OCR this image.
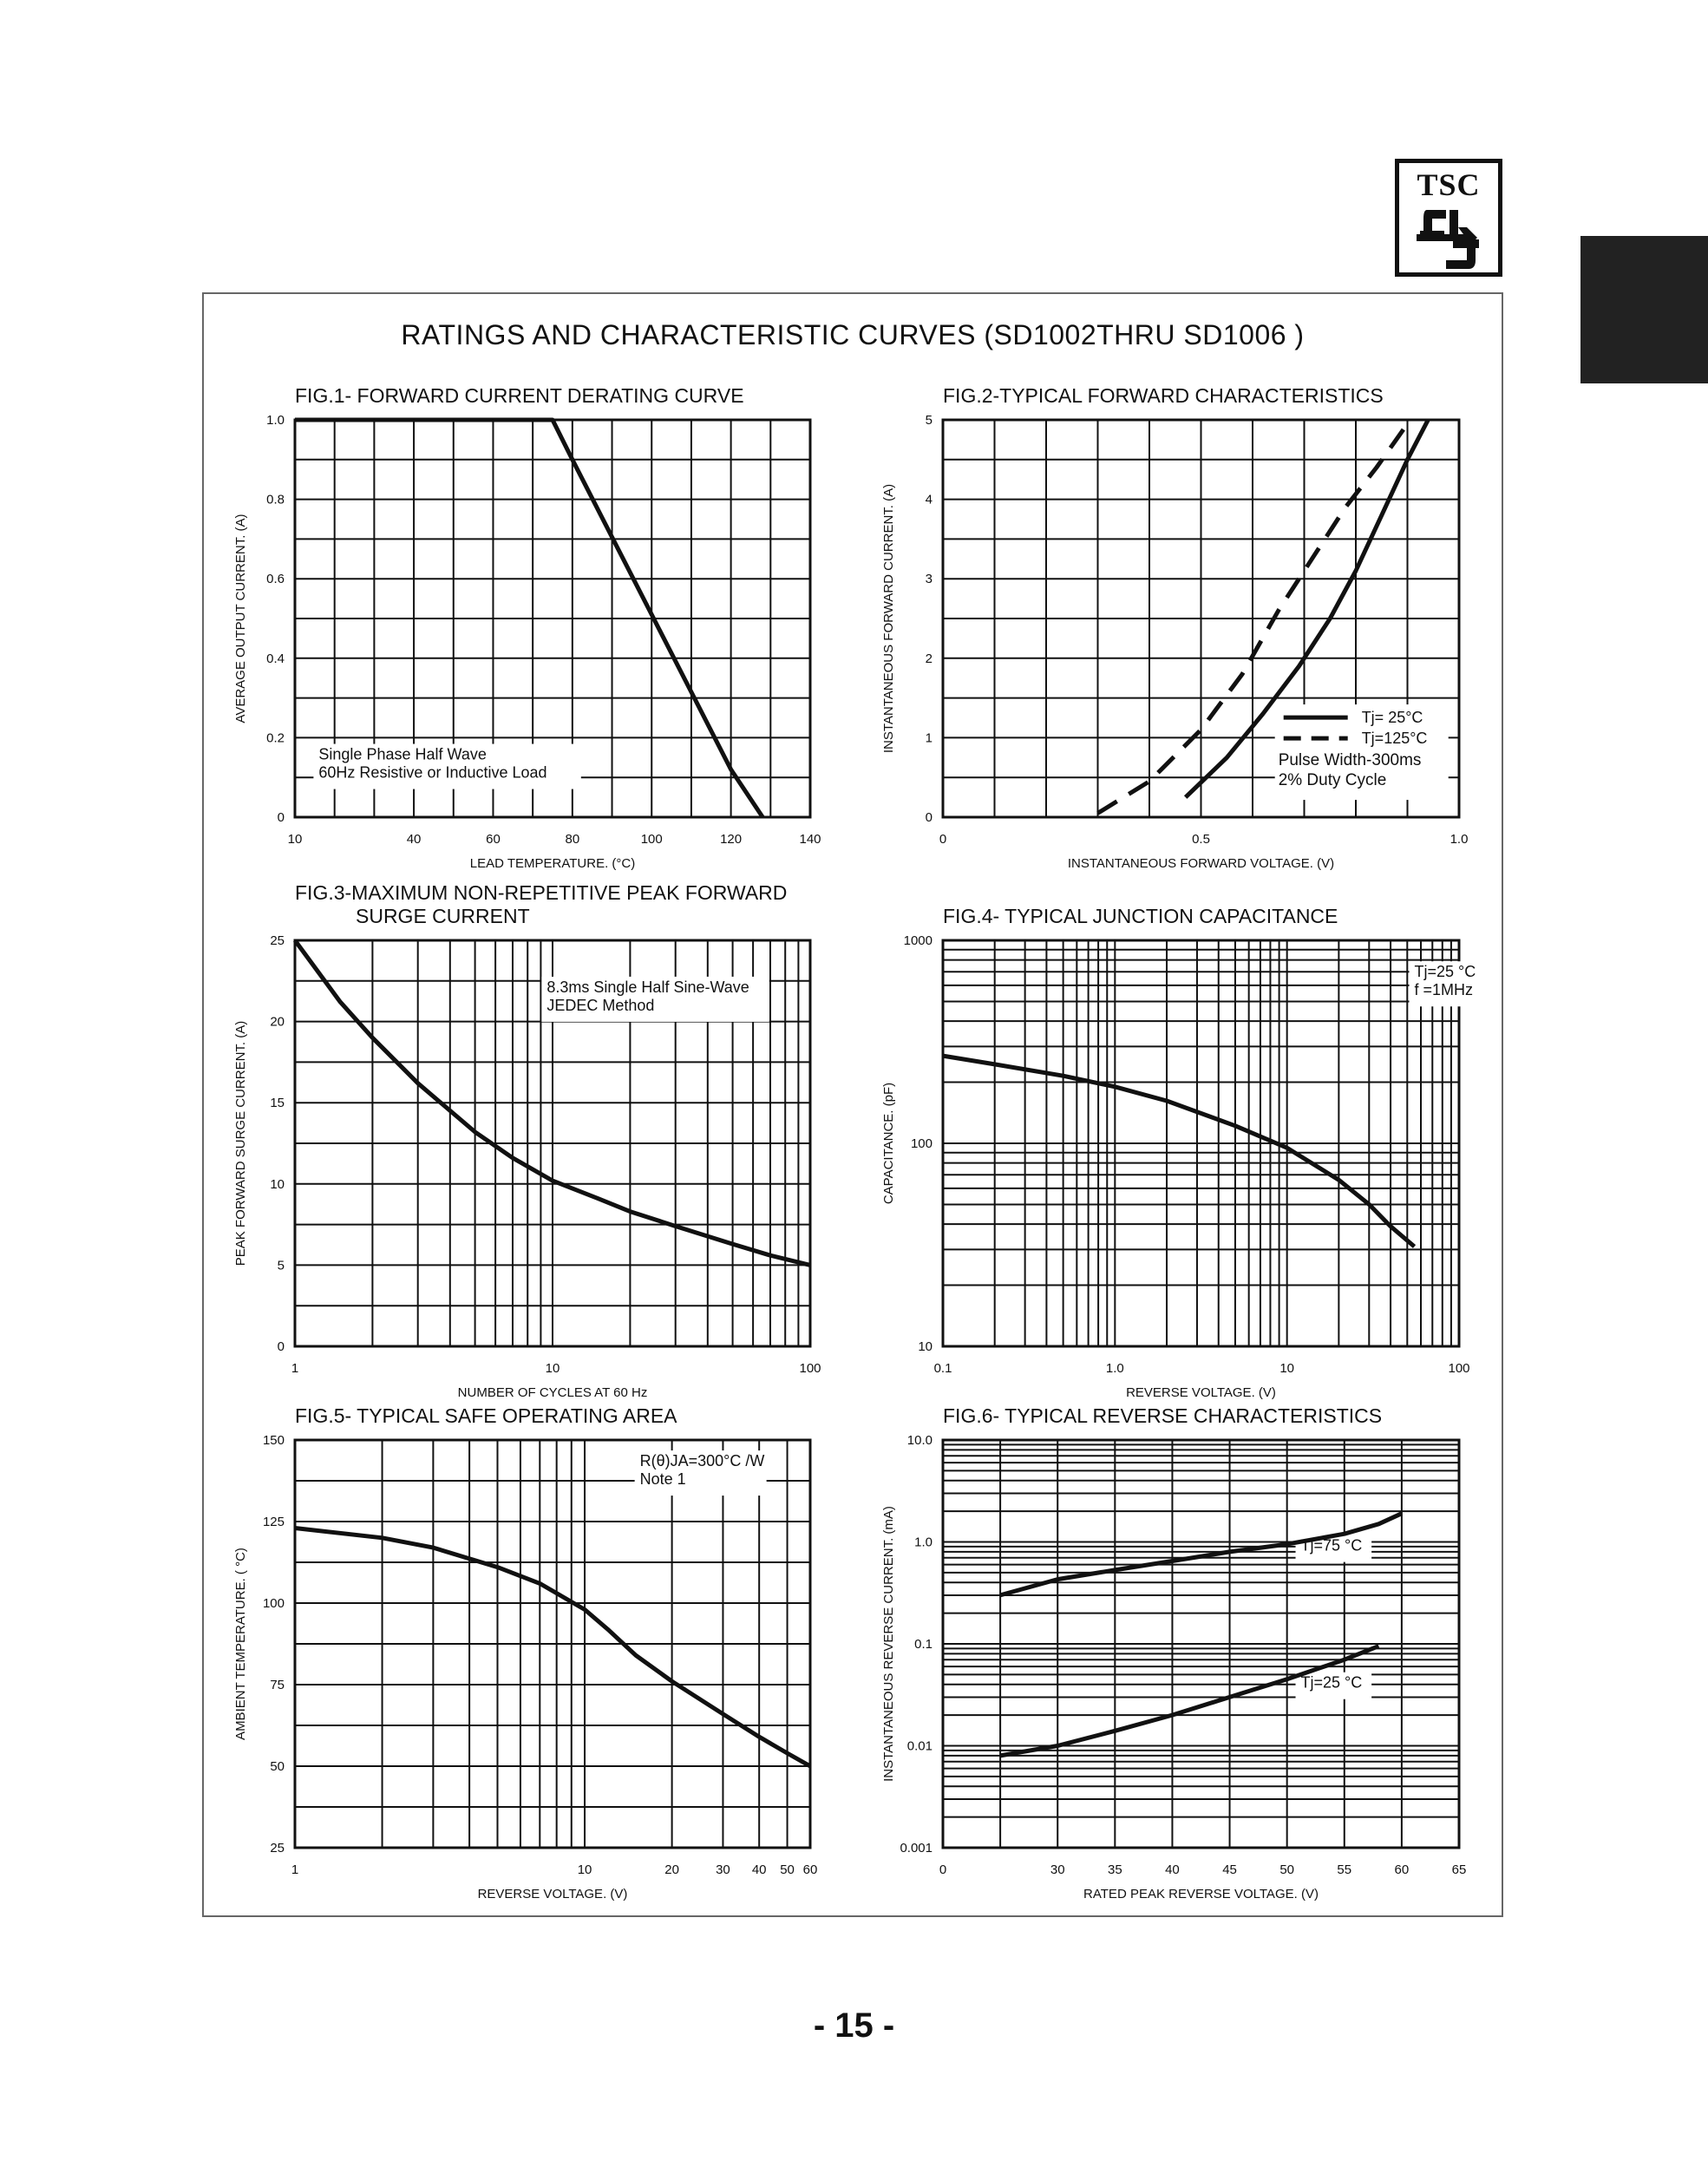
TSC
RATINGS AND CHARACTERISTIC CURVES (SD1002THRU SD1006 )
FIG.1- FORWARD CURRENT DERATING CURVE
10	40	60	80	100	120	140
0
0.2
0.4
0.6
0.8
1.0
LEAD TEMPERATURE. (°C)
AVERAGE OUTPUT CURRENT. (A)
Single Phase Half Wave
60Hz Resistive or Inductive Load
FIG.2-TYPICAL FORWARD CHARACTERISTICS
0	0.5	1.0
0
1
2
3
4
5
INSTANTANEOUS FORWARD VOLTAGE. (V)
INSTANTANEOUS FORWARD CURRENT. (A)	Tj= 25°C
Tj=125°C
Pulse Width-300ms
2% Duty Cycle
FIG.3-MAXIMUM NON-REPETITIVE PEAK FORWARD
SURGE CURRENT
1	10	100
0
5
10
15
20
25
NUMBER OF CYCLES AT 60 Hz
PEAK FORWARD SURGE CURRENT. (A)
8.3ms Single Half Sine-Wave
JEDEC Method
FIG.4- TYPICAL JUNCTION CAPACITANCE
0.1	1.0	10	100
10
100
1000
REVERSE VOLTAGE. (V)
CAPACITANCE. (pF)
Tj=25 °C
f =1MHz
FIG.5- TYPICAL SAFE OPERATING AREA
1	10	20	30 40 50 60
25
50
75
100
125
150
REVERSE VOLTAGE. (V)
AMBIENT TEMPERATURE. ( °C)
R(θ)JA=300°C /W
Note 1
FIG.6- TYPICAL REVERSE CHARACTERISTICS
0	30	35	40	45	50	55	60	65
0.001
0.01
0.1
1.0
10.0
RATED PEAK REVERSE VOLTAGE. (V)
INSTANTANEOUS REVERSE CURRENT. (mA)	Tj=75 °C
Tj=25 °C
- 15 -
